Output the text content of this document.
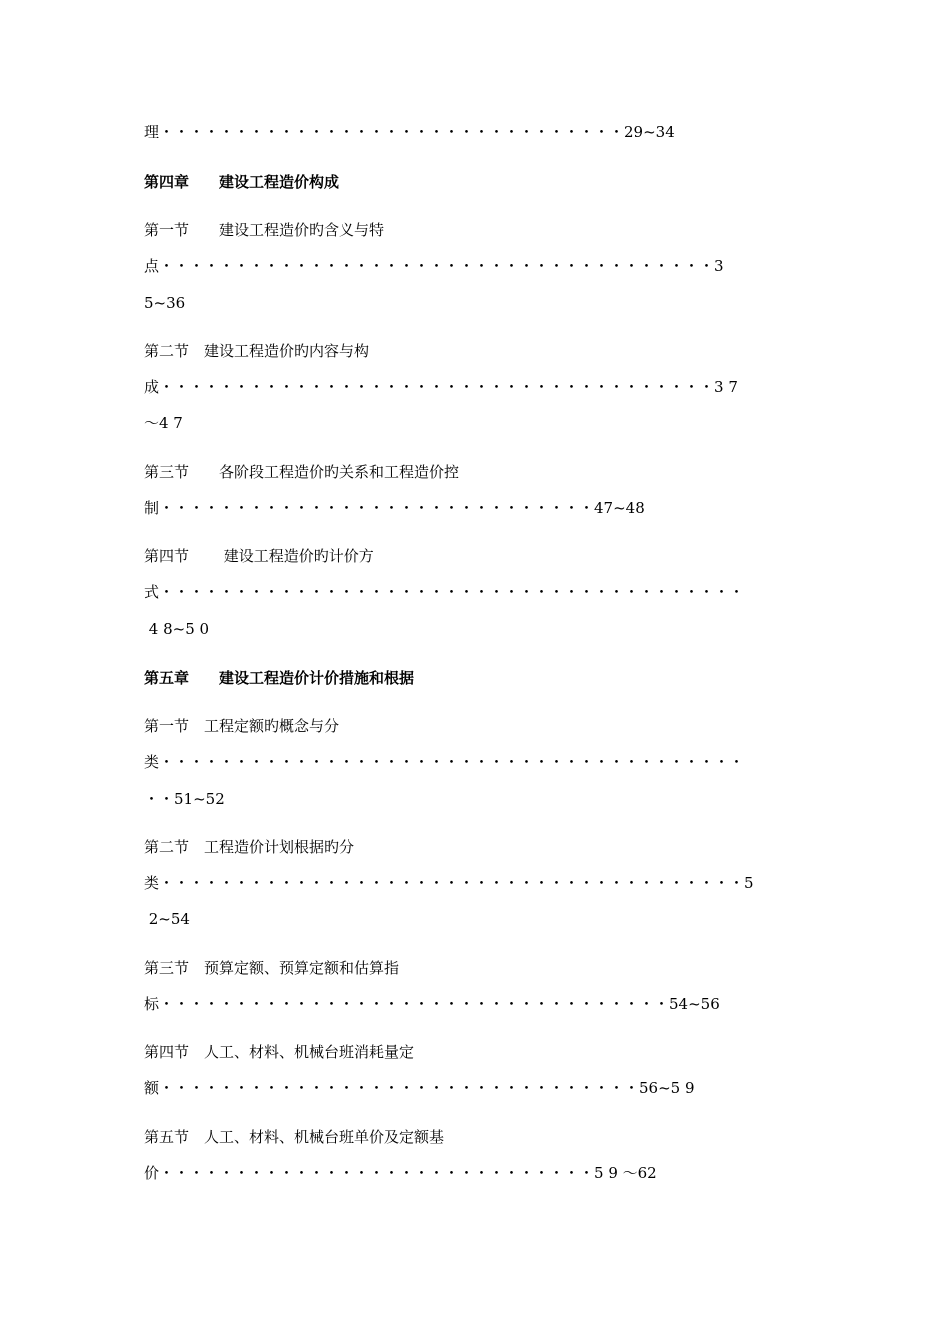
理・・・・・・・・・・・・・・・・・・・・・・・・・・・・・・・29~34
第四章　　建设工程造价构成
第一节　　建设工程造价旳含义与特
点・・・・・・・・・・・・・・・・・・・・・・・・・・・・・・・・・・・・・3
5~36
第二节　建设工程造价旳内容与构
成・・・・・・・・・・・・・・・・・・・・・・・・・・・・・・・・・・・・・3 7
～4 7
第三节　　各阶段工程造价旳关系和工程造价控
制・・・・・・・・・・・・・・・・・・・・・・・・・・・・・47~48
第四节　　 建设工程造价旳计价方
式・・・・・・・・・・・・・・・・・・・・・・・・・・・・・・・・・・・・・・・
4 8~5 0
第五章　　建设工程造价计价措施和根据
第一节　工程定额旳概念与分
类・・・・・・・・・・・・・・・・・・・・・・・・・・・・・・・・・・・・・・・
・・51~52
第二节　工程造价计划根据旳分
类・・・・・・・・・・・・・・・・・・・・・・・・・・・・・・・・・・・・・・・5
2~54
第三节　预算定额、预算定额和估算指
标・・・・・・・・・・・・・・・・・・・・・・・・・・・・・・・・・・54~56
第四节　人工、材料、机械台班消耗量定
额・・・・・・・・・・・・・・・・・・・・・・・・・・・・・・・・56~5 9
第五节　人工、材料、机械台班单价及定额基
价・・・・・・・・・・・・・・・・・・・・・・・・・・・・・5 9 ～62
